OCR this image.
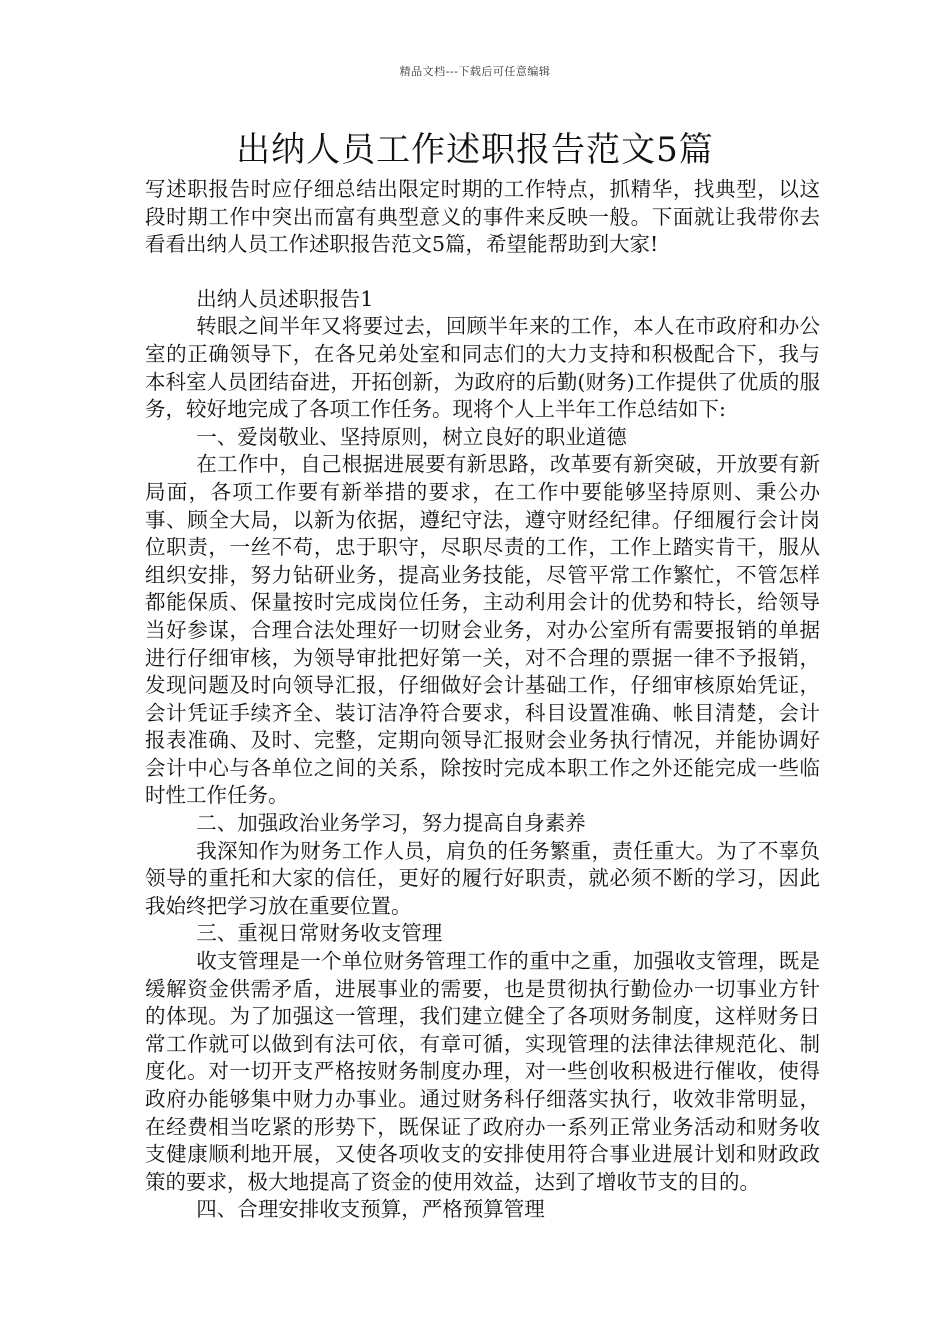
精品文档---下载后可任意编辑
出纳人员工作述职报告范文5篇

写述职报告时应仔细总结出限定时期的工作特点，抓精华，找典型，以这段时期工作中突出而富有典型意义的事件来反映一般。下面就让我带你去看看出纳人员工作述职报告范文5篇，希望能帮助到大家!

出纳人员述职报告1

转眼之间半年又将要过去，回顾半年来的工作，本人在市政府和办公室的正确领导下，在各兄弟处室和同志们的大力支持和积极配合下，我与本科室人员团结奋进，开拓创新，为政府的后勤(财务)工作提供了优质的服务，较好地完成了各项工作任务。现将个人上半年工作总结如下:

一、爱岗敬业、坚持原则，树立良好的职业道德

在工作中，自己根据进展要有新思路，改革要有新突破，开放要有新局面，各项工作要有新举措的要求，在工作中要能够坚持原则、秉公办事、顾全大局，以新为依据，遵纪守法，遵守财经纪律。仔细履行会计岗位职责，一丝不苟，忠于职守，尽职尽责的工作，工作上踏实肯干，服从组织安排，努力钻研业务，提高业务技能，尽管平常工作繁忙，不管怎样都能保质、保量按时完成岗位任务，主动利用会计的优势和特长，给领导当好参谋，合理合法处理好一切财会业务，对办公室所有需要报销的单据进行仔细审核，为领导审批把好第一关，对不合理的票据一律不予报销，发现问题及时向领导汇报，仔细做好会计基础工作，仔细审核原始凭证，会计凭证手续齐全、装订洁净符合要求，科目设置准确、帐目清楚，会计报表准确、及时、完整，定期向领导汇报财会业务执行情况，并能协调好会计中心与各单位之间的关系，除按时完成本职工作之外还能完成一些临时性工作任务。

二、加强政治业务学习，努力提高自身素养

我深知作为财务工作人员，肩负的任务繁重，责任重大。为了不辜负领导的重托和大家的信任，更好的履行好职责，就必须不断的学习，因此我始终把学习放在重要位置。

三、重视日常财务收支管理

收支管理是一个单位财务管理工作的重中之重，加强收支管理，既是缓解资金供需矛盾，进展事业的需要，也是贯彻执行勤俭办一切事业方针的体现。为了加强这一管理，我们建立健全了各项财务制度，这样财务日常工作就可以做到有法可依，有章可循，实现管理的法律法律规范化、制度化。对一切开支严格按财务制度办理，对一些创收积极进行催收，使得政府办能够集中财力办事业。通过财务科仔细落实执行，收效非常明显，在经费相当吃紧的形势下，既保证了政府办一系列正常业务活动和财务收支健康顺利地开展，又使各项收支的安排使用符合事业进展计划和财政政策的要求，极大地提高了资金的使用效益，达到了增收节支的目的。

四、合理安排收支预算，严格预算管理
